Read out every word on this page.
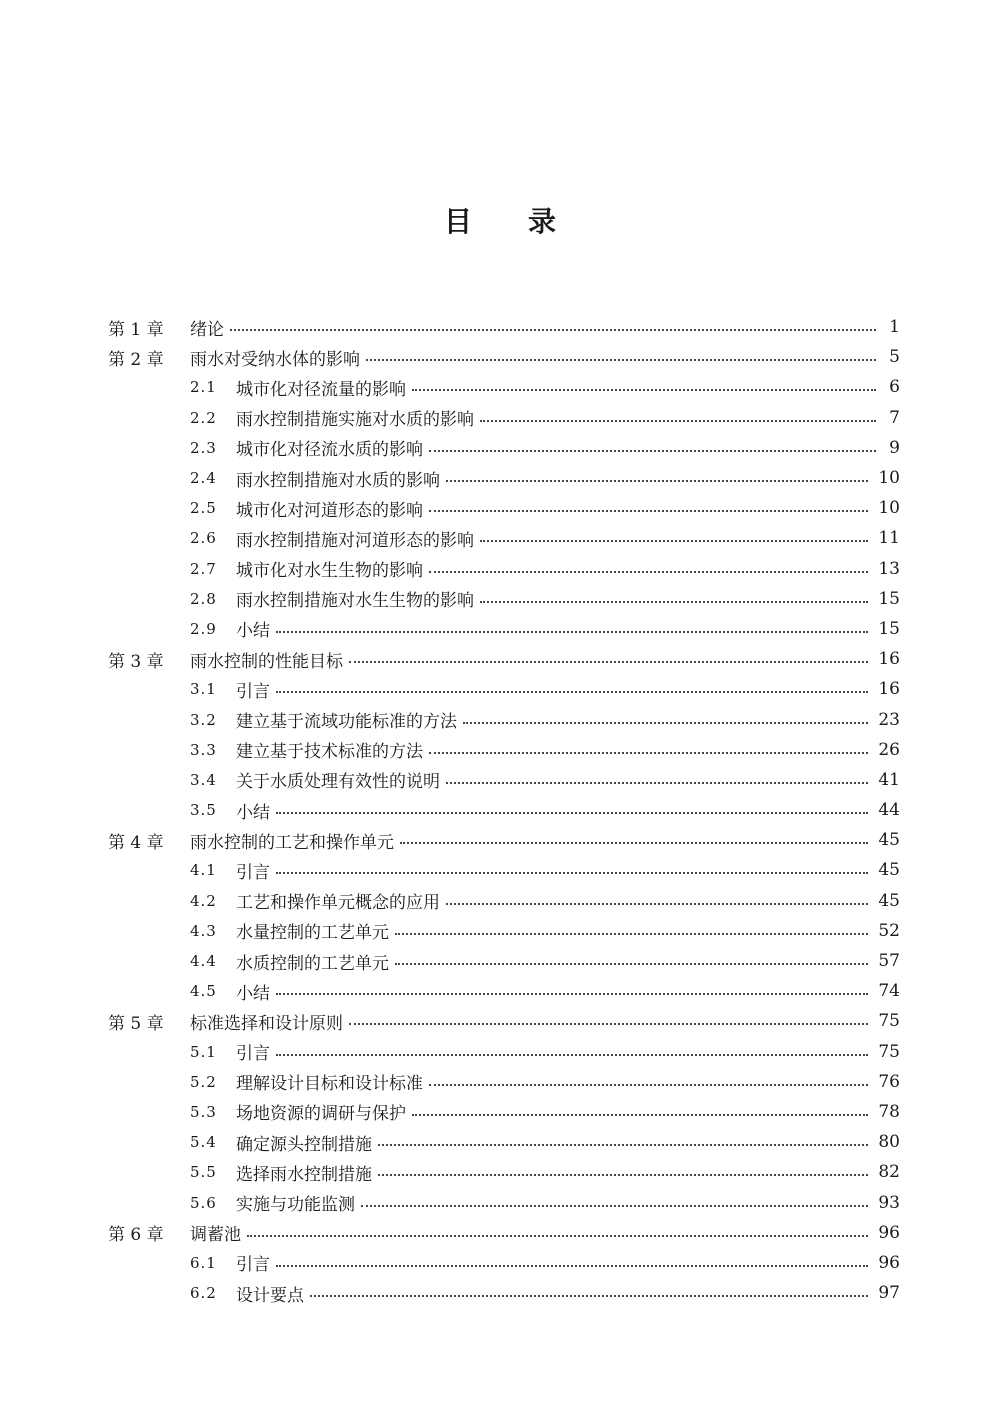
目 录
第 1 章	绪论	1
第 2 章	雨水对受纳水体的影响	5
2.1	城市化对径流量的影响	6
2.2	雨水控制措施实施对水质的影响	7
2.3	城市化对径流水质的影响	9
2.4	雨水控制措施对水质的影响	10
2.5	城市化对河道形态的影响	10
2.6	雨水控制措施对河道形态的影响	11
2.7	城市化对水生生物的影响	13
2.8	雨水控制措施对水生生物的影响	15
2.9	小结	15
第 3 章	雨水控制的性能目标	16
3.1	引言	16
3.2	建立基于流域功能标准的方法	23
3.3	建立基于技术标准的方法	26
3.4	关于水质处理有效性的说明	41
3.5	小结	44
第 4 章	雨水控制的工艺和操作单元	45
4.1	引言	45
4.2	工艺和操作单元概念的应用	45
4.3	水量控制的工艺单元	52
4.4	水质控制的工艺单元	57
4.5	小结	74
第 5 章	标准选择和设计原则	75
5.1	引言	75
5.2	理解设计目标和设计标准	76
5.3	场地资源的调研与保护	78
5.4	确定源头控制措施	80
5.5	选择雨水控制措施	82
5.6	实施与功能监测	93
第 6 章	调蓄池	96
6.1	引言	96
6.2	设计要点	97
